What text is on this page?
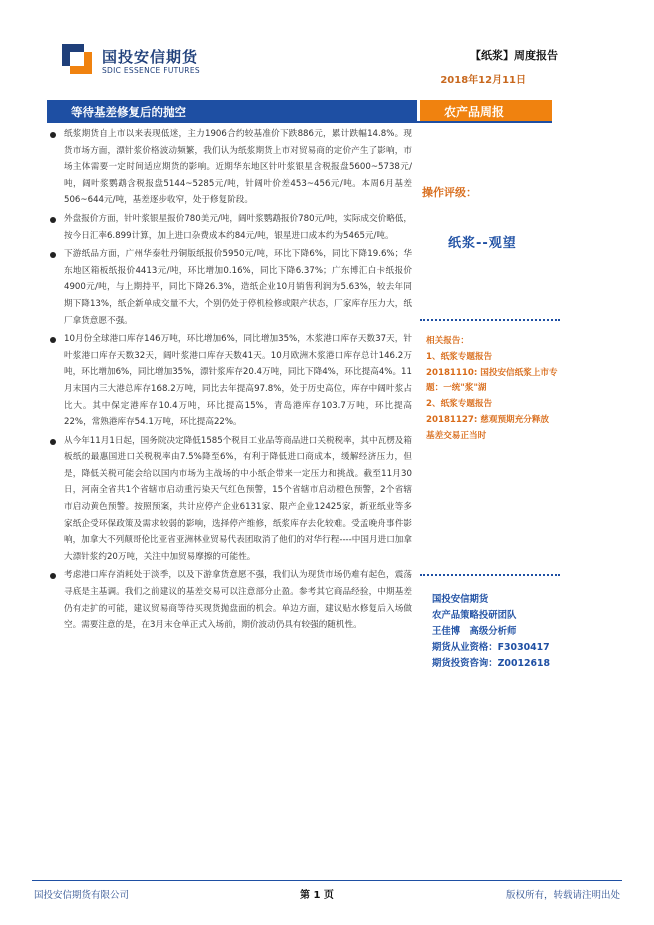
国投安信期货
SDIC ESSENCE FUTURES
【纸浆】周度报告
2018年12月11日
等待基差修复后的抛空	农产品周报
纸浆期货自上市以来表现低迷，主力1906合约较基准价下跌886元，累计跌幅14.8%。现货市场方面，漂针浆价格波动频繁，我们认为纸浆期货上市对贸易商的定价产生了影响，市场主体需要一定时间适应期货的影响。近期华东地区针叶浆银星含税报盘5600~5738元/吨，阔叶浆鹦鹉含税报盘5144~5285元/吨，针阔叶价差453~456元/吨。本周6月基差506~644元/吨，基差逐步收窄，处于修复阶段。
外盘报价方面，针叶浆银星报价780美元/吨，阔叶浆鹦鹉报价780元/吨，实际成交价略低，按今日汇率6.899计算，加上进口杂费成本约84元/吨，银星进口成本约为5465元/吨。
下游纸品方面，广州华泰牡丹铜版纸报价5950元/吨，环比下降6%，同比下降19.6%；华东地区箱板纸报价4413元/吨，环比增加0.16%，同比下降6.37%；广东博汇白卡纸报价4900元/吨，与上期持平，同比下降26.3%，造纸企业10月销售利润为5.63%，较去年同期下降13%，纸企新单成交量不大，个别仍处于停机检修或限产状态，厂家库存压力大，纸厂拿货意愿不强。
10月份全球港口库存146万吨，环比增加6%，同比增加35%，木浆港口库存天数37天，针叶浆港口库存天数32天，阔叶浆港口库存天数41天。10月欧洲木浆港口库存总计146.2万吨，环比增加6%，同比增加35%，漂针浆库存20.4万吨，同比下降4%，环比提高4%。11月末国内三大港总库存168.2万吨，同比去年提高97.8%，处于历史高位，库存中阔叶浆占比大。其中保定港库存10.4万吨，环比提高15%，青岛港库存103.7万吨，环比提高22%，常熟港库存54.1万吨，环比提高22%。
从今年11月1日起，国务院决定降低1585个税目工业品等商品进口关税税率，其中瓦楞及箱板纸的最惠国进口关税税率由7.5%降至6%，有利于降低进口商成本，缓解经济压力，但是，降低关税可能会给以国内市场为主战场的中小纸企带来一定压力和挑战。截至11月30日，河南全省共1个省辖市启动重污染天气红色预警，15个省辖市启动橙色预警，2个省辖市启动黄色预警。按照预案，共计应停产企业6131家、限产企业12425家，新亚纸业等多家纸企受环保政策及需求较弱的影响，选择停产维修，纸浆库存去化较难。受孟晚舟事件影响，加拿大不列颠哥伦比亚省亚洲林业贸易代表团取消了他们的对华行程----中国月进口加拿大漂针浆约20万吨，关注中加贸易摩擦的可能性。
考虑港口库存消耗处于淡季，以及下游拿货意愿不强，我们认为现货市场仍难有起色，震荡寻底是主基调。我们之前建议的基差交易可以注意部分止盈。参考其它商品经验，中期基差仍有走扩的可能，建议贸易商等待买现货抛盘面的机会。单边方面，建议贴水修复后入场做空。需要注意的是，在3月末仓单正式入场前，期价波动仍具有较强的随机性。
操作评级：
纸浆--观望
相关报告：
1、纸浆专题报告
20181110: 国投安信纸浆上市专题：一统"浆"湖
2、纸浆专题报告
20181127: 慈观预期充分释放 基差交易正当时
国投安信期货
农产品策略投研团队
王佳博　高级分析师
期货从业资格：F3030417
期货投资咨询：Z0012618
国投安信期货有限公司	第 1 页	版权所有，转载请注明出处
